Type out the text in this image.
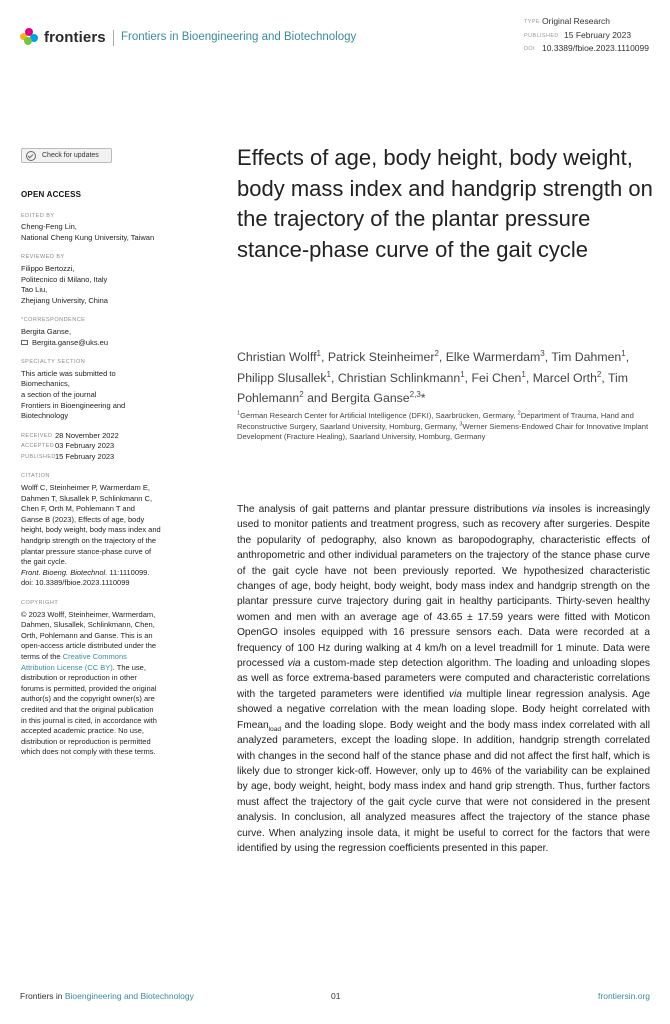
frontiers Frontiers in Bioengineering and Biotechnology
TYPE Original Research
PUBLISHED 15 February 2023
DOI 10.3389/fbioe.2023.1110099
Check for updates
OPEN ACCESS
EDITED BY
Cheng-Feng Lin,
National Cheng Kung University, Taiwan
REVIEWED BY
Filippo Bertozzi,
Politecnico di Milano, Italy
Tao Liu,
Zhejiang University, China
*CORRESPONDENCE
Bergita Ganse,
Bergita.ganse@uks.eu
SPECIALTY SECTION
This article was submitted to
Biomechanics,
a section of the journal
Frontiers in Bioengineering and
Biotechnology
RECEIVED 28 November 2022
ACCEPTED03 February 2023
PUBLISHED15 February 2023
CITATION
Wolff C, Steinheimer P, Warmerdam E,
Dahmen T, Slusallek P, Schlinkmann C,
Chen F, Orth M, Pohlemann T and
Ganse B (2023), Effects of age, body
height, body weight, body mass index and
handgrip strength on the trajectory of the
plantar pressure stance-phase curve of
the gait cycle.
Front. Bioeng. Biotechnol. 11:1110099.
doi: 10.3389/fbioe.2023.1110099
COPYRIGHT
© 2023 Wolff, Steinheimer, Warmerdam,
Dahmen, Slusallek, Schlinkmann, Chen,
Orth, Pohlemann and Ganse. This is an
open-access article distributed under the
terms of the Creative Commons
Attribution License (CC BY). The use,
distribution or reproduction in other
forums is permitted, provided the original
author(s) and the copyright owner(s) are
credited and that the original publication
in this journal is cited, in accordance with
accepted academic practice. No use,
distribution or reproduction is permitted
which does not comply with these terms.
Effects of age, body height, body weight, body mass index and handgrip strength on the trajectory of the plantar pressure stance-phase curve of the gait cycle
Christian Wolff$^1$, Patrick Steinheimer$^2$, Elke Warmerdam$^3$, Tim Dahmen$^1$, Philipp Slusallek$^1$, Christian Schlinkmann$^1$, Fei Chen$^1$, Marcel Orth$^2$, Tim Pohlemann$^2$ and Bergita Ganse$^{2,3}$*
$^1$German Research Center for Artificial Intelligence (DFKI), Saarbrücken, Germany, $^2$Department of Trauma, Hand and Reconstructive Surgery, Saarland University, Homburg, Germany, $^3$Werner Siemens-Endowed Chair for Innovative Implant Development (Fracture Healing), Saarland University, Homburg, Germany
The analysis of gait patterns and plantar pressure distributions via insoles is increasingly used to monitor patients and treatment progress, such as recovery after surgeries. Despite the popularity of pedography, also known as baropodography, characteristic effects of anthropometric and other individual parameters on the trajectory of the stance phase curve of the gait cycle have not been previously reported. We hypothesized characteristic changes of age, body height, body weight, body mass index and handgrip strength on the plantar pressure curve trajectory during gait in healthy participants. Thirty-seven healthy women and men with an average age of 43.65 ± 17.59 years were fitted with Moticon OpenGO insoles equipped with 16 pressure sensors each. Data were recorded at a frequency of 100 Hz during walking at 4 km/h on a level treadmill for 1 minute. Data were processed via a custom-made step detection algorithm. The loading and unloading slopes as well as force extrema-based parameters were computed and characteristic correlations with the targeted parameters were identified via multiple linear regression analysis. Age showed a negative correlation with the mean loading slope. Body height correlated with Fmean$_{load}$ and the loading slope. Body weight and the body mass index correlated with all analyzed parameters, except the loading slope. In addition, handgrip strength correlated with changes in the second half of the stance phase and did not affect the first half, which is likely due to stronger kick-off. However, only up to 46% of the variability can be explained by age, body weight, height, body mass index and hand grip strength. Thus, further factors must affect the trajectory of the gait cycle curve that were not considered in the present analysis. In conclusion, all analyzed measures affect the trajectory of the stance phase curve. When analyzing insole data, it might be useful to correct for the factors that were identified by using the regression coefficients presented in this paper.
Frontiers in Bioengineering and Biotechnology	01	frontiersin.org
